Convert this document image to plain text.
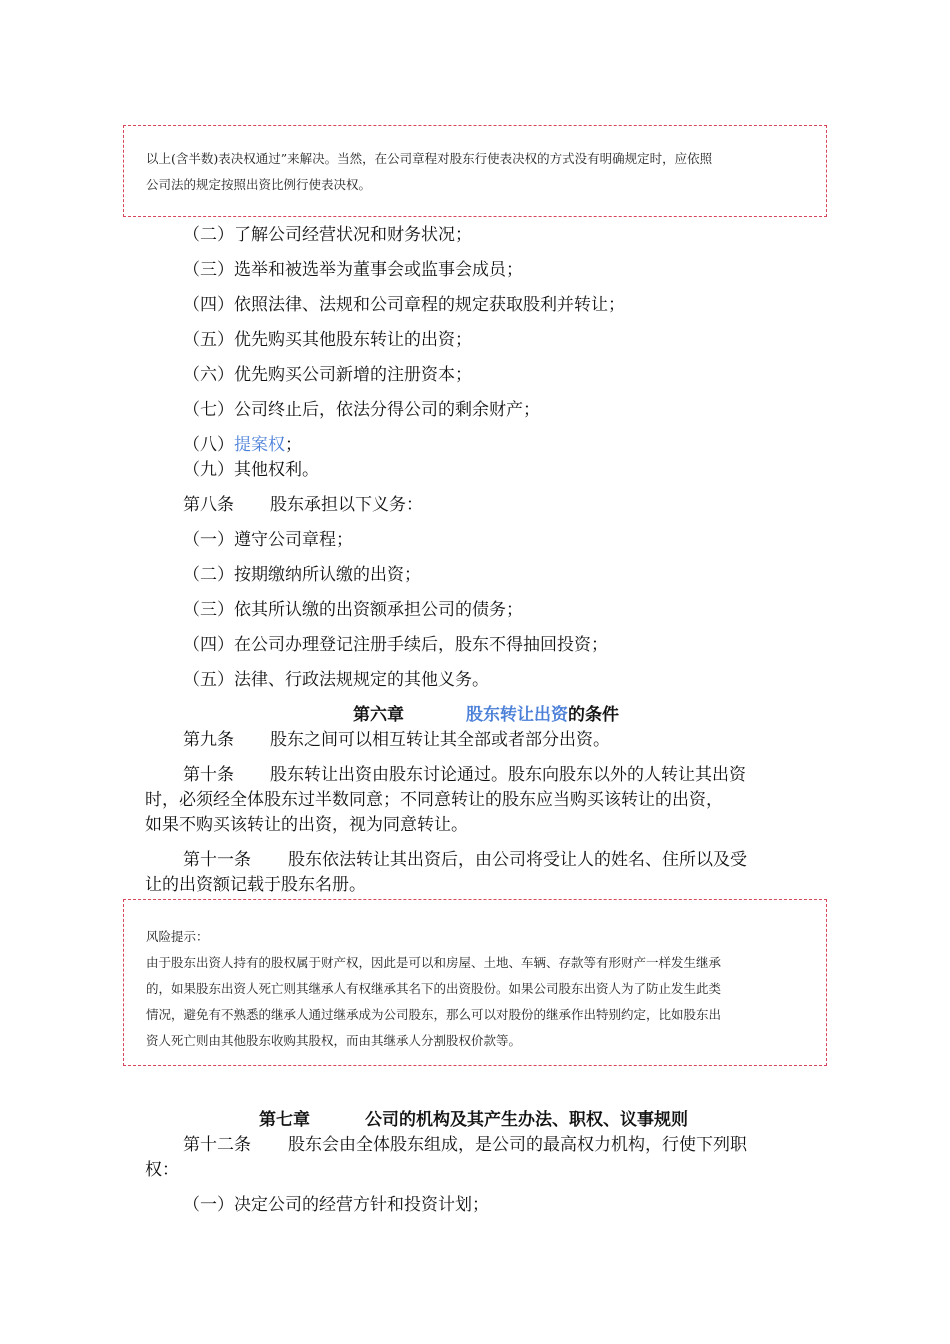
以上(含半数)表决权通过”来解决。当然，在公司章程对股东行使表决权的方式没有明确规定时，应依照
公司法的规定按照出资比例行使表决权。
（二）了解公司经营状况和财务状况；
（三）选举和被选举为董事会或监事会成员；
（四）依照法律、法规和公司章程的规定获取股利并转让；
（五）优先购买其他股东转让的出资；
（六）优先购买公司新增的注册资本；
（七）公司终止后，依法分得公司的剩余财产；
（八）提案权；
（九）其他权利。
第八条 股东承担以下义务：
（一）遵守公司章程；
（二）按期缴纳所认缴的出资；
（三）依其所认缴的出资额承担公司的债务；
（四）在公司办理登记注册手续后，股东不得抽回投资；
（五）法律、行政法规规定的其他义务。
第六章	股东转让出资的条件
第九条 股东之间可以相互转让其全部或者部分出资。
第十条 股东转让出资由股东讨论通过。股东向股东以外的人转让其出资
时，必须经全体股东过半数同意；不同意转让的股东应当购买该转让的出资，
如果不购买该转让的出资，视为同意转让。
第十一条 股东依法转让其出资后，由公司将受让人的姓名、住所以及受
让的出资额记载于股东名册。
风险提示：
由于股东出资人持有的股权属于财产权，因此是可以和房屋、土地、车辆、存款等有形财产一样发生继承
的，如果股东出资人死亡则其继承人有权继承其名下的出资股份。如果公司股东出资人为了防止发生此类
情况，避免有不熟悉的继承人通过继承成为公司股东，那么可以对股份的继承作出特别约定，比如股东出
资人死亡则由其他股东收购其股权，而由其继承人分割股权价款等。
第七章	公司的机构及其产生办法、职权、议事规则
第十二条 股东会由全体股东组成，是公司的最高权力机构，行使下列职
权：
（一）决定公司的经营方针和投资计划；
